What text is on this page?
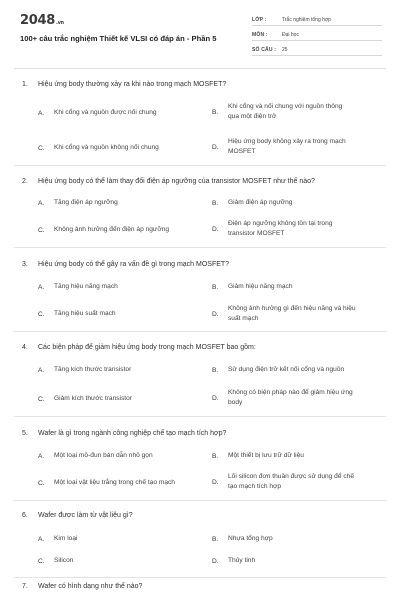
2048.vn
100+ câu trắc nghiệm Thiết kế VLSI có đáp án - Phần 5
LỚP :	Trắc nghiệm tổng hợp
MÔN :	Đại học
SỐ CÂU :	25
1. Hiệu ứng body thường xảy ra khi nào trong mạch MOSFET?
A.	Khi cổng và nguồn được nối chung	B.
Khi cổng và nối chung với nguồn thông
qua một điện trở
C.	Khi cổng và nguồn không nối chung	D.
Hiệu ứng body không xảy ra trong mạch
MOSFET
2. Hiệu ứng body có thể làm thay đổi điện áp ngưỡng của transistor MOSFET như thế nào?
A.	Tăng điện áp ngưỡng	B.	Giảm điện áp ngưỡng
C.	Không ảnh hưởng đến điện áp ngưỡng	D.
Điện áp ngưỡng không tồn tại trong
transistor MOSFET
3. Hiệu ứng body có thể gây ra vấn đề gì trong mạch MOSFET?
A.	Tăng hiệu năng mạch	B.	Giảm hiệu năng mạch
C.	Tăng hiệu suất mạch	D.
Không ảnh hưởng gì đến hiệu năng và hiệu
suất mạch
4. Các biện pháp để giảm hiệu ứng body trong mạch MOSFET bao gồm:
A.	Tăng kích thước transistor	B.	Sử dụng điện trở kết nối cổng và nguồn
C.	Giảm kích thước transistor	D.
Không có biện pháp nào để giảm hiệu ứng
body
5. Wafer là gì trong ngành công nghiệp chế tạo mạch tích hợp?
A.	Một loại mô-đun bán dẫn nhỏ gọn	B.	Một thiết bị lưu trữ dữ liệu
C.	Một loại vật liệu trắng trong chế tạo mạch	D.
Lõi silicon đơn thuần được sử dụng để chế
tạo mạch tích hợp
6. Wafer được làm từ vật liệu gì?
A.	Kim loại	B.	Nhựa tổng hợp
C.	Silicon	D.	Thủy tinh
7. Wafer có hình dạng như thế nào?
